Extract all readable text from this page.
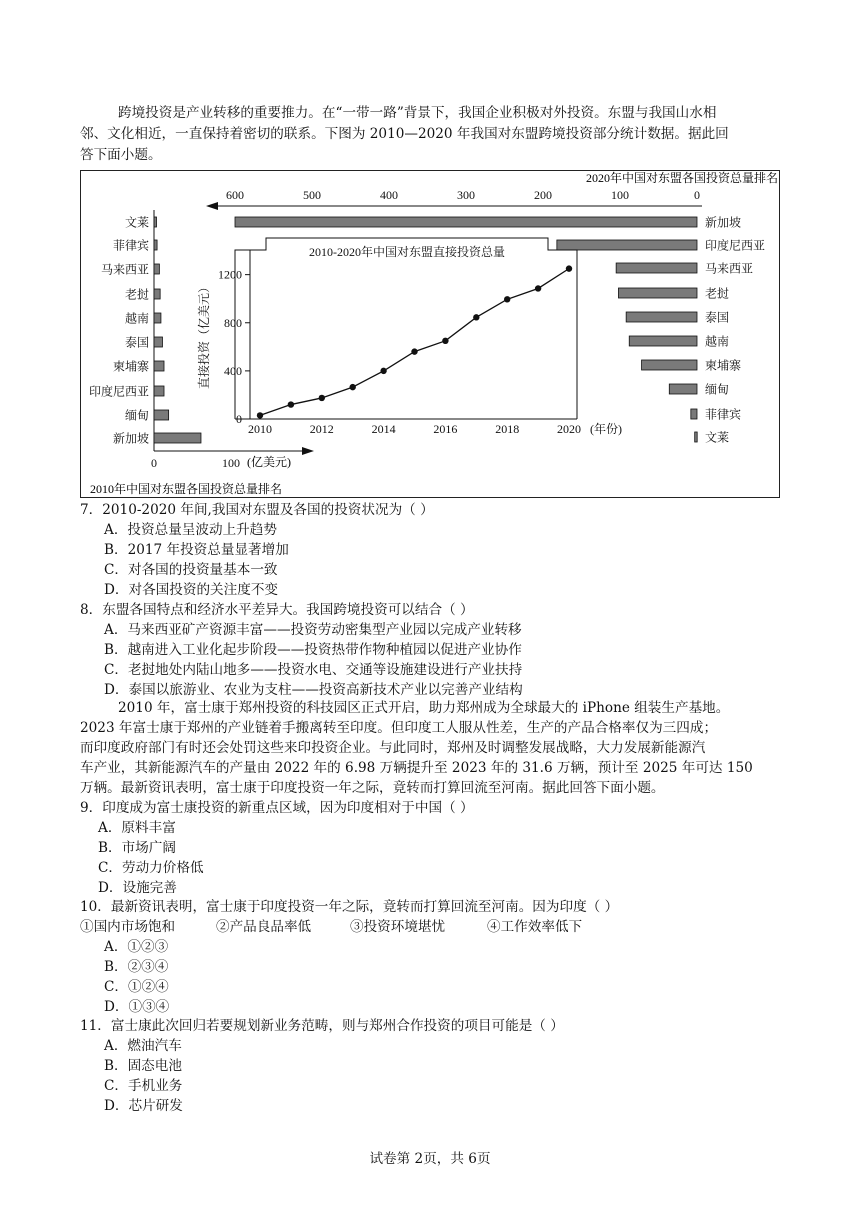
跨境投资是产业转移的重要推力。在“一带一路”背景下，我国企业积极对外投资。东盟与我国山水相
邻、文化相近，一直保持着密切的联系。下图为 2010—2020 年我国对东盟跨境投资部分统计数据。据此回
答下面小题。
600	500	400	300	200	100	0
新加坡
印度尼西亚
马来西亚
老挝
泰国
越南
柬埔寨
缅甸
菲律宾
文莱
0	100
文莱
菲律宾
马来西亚
老挝
越南
泰国
柬埔寨
印度尼西亚
缅甸
新加坡
2010-2020年中国对东盟直接投资总量
0
400
800
1200
2010	2012	2014	2016	2018	2020 (年份)
直接投资（亿美元）
2020年中国对东盟各国投资总量排名
2010年中国对东盟各国投资总量排名
(亿美元)
7．2010-2020 年间,我国对东盟及各国的投资状况为（ ）
A．投资总量呈波动上升趋势
B．2017 年投资总量显著增加
C．对各国的投资量基本一致
D．对各国投资的关注度不变
8．东盟各国特点和经济水平差异大。我国跨境投资可以结合（ ）
A．马来西亚矿产资源丰富——投资劳动密集型产业园以完成产业转移
B．越南进入工业化起步阶段——投资热带作物种植园以促进产业协作
C．老挝地处内陆山地多——投资水电、交通等设施建设进行产业扶持
D．泰国以旅游业、农业为支柱——投资高新技术产业以完善产业结构
2010 年，富士康于郑州投资的科技园区正式开启，助力郑州成为全球最大的 iPhone 组装生产基地。
2023 年富士康于郑州的产业链着手搬离转至印度。但印度工人服从性差，生产的产品合格率仅为三四成；
而印度政府部门有时还会处罚这些来印投资企业。与此同时，郑州及时调整发展战略，大力发展新能源汽
车产业，其新能源汽车的产量由 2022 年的 6.98 万辆提升至 2023 年的 31.6 万辆，预计至 2025 年可达 150
万辆。最新资讯表明，富士康于印度投资一年之际，竟转而打算回流至河南。据此回答下面小题。
9．印度成为富士康投资的新重点区域，因为印度相对于中国（ ）
A．原料丰富
B．市场广阔
C．劳动力价格低
D．设施完善
10．最新资讯表明，富士康于印度投资一年之际，竟转而打算回流至河南。因为印度（ ）
①国内市场饱和	②产品良品率低	③投资环境堪忧	④工作效率低下
A．①②③
B．②③④
C．①②④
D．①③④
11．富士康此次回归若要规划新业务范畴，则与郑州合作投资的项目可能是（ ）
A．燃油汽车
B．固态电池
C．手机业务
D．芯片研发
试卷第 2页，共 6页
